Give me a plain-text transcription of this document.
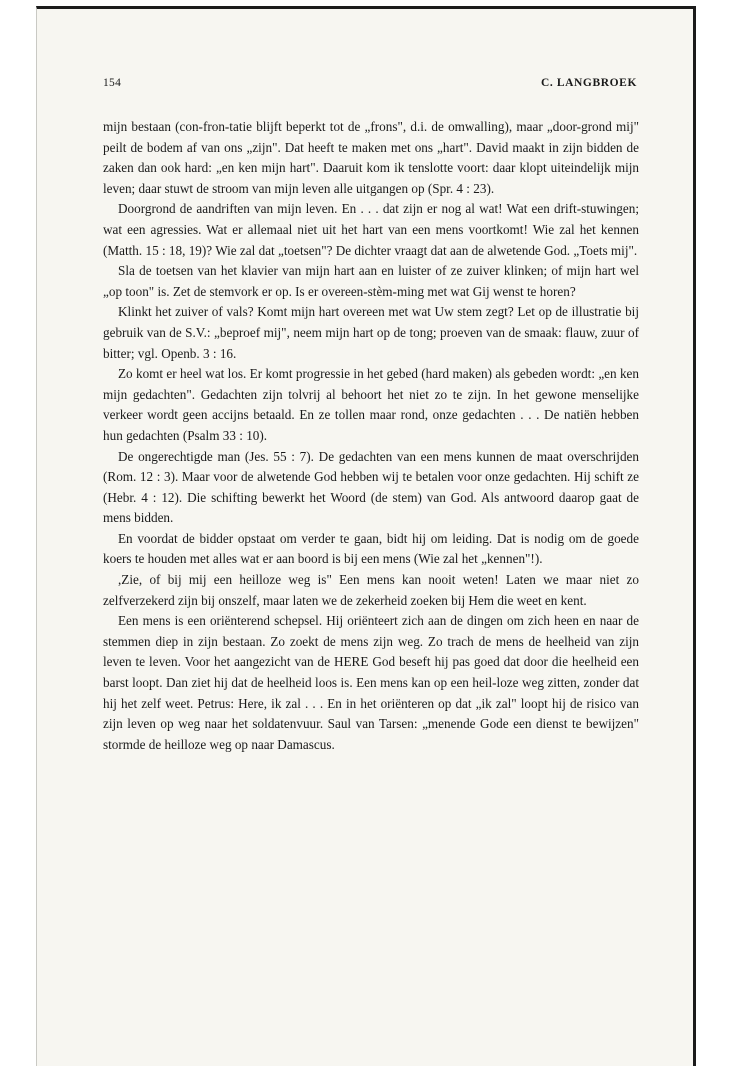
154	C. LANGBROEK

mijn bestaan (con-fron-tatie blijft beperkt tot de „frons", d.i. de omwalling), maar „door-grond mij" peilt de bodem af van ons „zijn". Dat heeft te maken met ons „hart". David maakt in zijn bidden de zaken dan ook hard: „en ken mijn hart". Daaruit kom ik tenslotte voort: daar klopt uiteindelijk mijn leven; daar stuwt de stroom van mijn leven alle uitgangen op (Spr. 4 : 23).

Doorgrond de aandriften van mijn leven. En . . . dat zijn er nog al wat! Wat een drift-stuwingen; wat een agressies. Wat er allemaal niet uit het hart van een mens voortkomt! Wie zal het kennen (Matth. 15 : 18, 19)? Wie zal dat „toetsen"? De dichter vraagt dat aan de alwetende God. „Toets mij".

Sla de toetsen van het klavier van mijn hart aan en luister of ze zuiver klinken; of mijn hart wel „op toon" is. Zet de stemvork er op. Is er overeen-stèm-ming met wat Gij wenst te horen?

Klinkt het zuiver of vals? Komt mijn hart overeen met wat Uw stem zegt? Let op de illustratie bij gebruik van de S.V.: „beproef mij", neem mijn hart op de tong; proeven van de smaak: flauw, zuur of bitter; vgl. Openb. 3 : 16.

Zo komt er heel wat los. Er komt progressie in het gebed (hard maken) als gebeden wordt: „en ken mijn gedachten". Gedachten zijn tolvrij al behoort het niet zo te zijn. In het gewone menselijke verkeer wordt geen accijns betaald. En ze tollen maar rond, onze gedachten . . . De natiën hebben hun gedachten (Psalm 33 : 10).

De ongerechtigde man (Jes. 55 : 7). De gedachten van een mens kunnen de maat overschrijden (Rom. 12 : 3). Maar voor de alwetende God hebben wij te betalen voor onze gedachten. Hij schift ze (Hebr. 4 : 12). Die schifting bewerkt het Woord (de stem) van God. Als antwoord daarop gaat de mens bidden.

En voordat de bidder opstaat om verder te gaan, bidt hij om leiding. Dat is nodig om de goede koers te houden met alles wat er aan boord is bij een mens (Wie zal het „kennen"!).

,Zie, of bij mij een heilloze weg is" Een mens kan nooit weten! Laten we maar niet zo zelfverzekerd zijn bij onszelf, maar laten we de zekerheid zoeken bij Hem die weet en kent.

Een mens is een oriënterend schepsel. Hij oriënteert zich aan de dingen om zich heen en naar de stemmen diep in zijn bestaan. Zo zoekt de mens zijn weg. Zo trach de mens de heelheid van zijn leven te leven. Voor het aangezicht van de HERE God beseft hij pas goed dat door die heelheid een barst loopt. Dan ziet hij dat de heelheid loos is. Een mens kan op een heil-loze weg zitten, zonder dat hij het zelf weet. Petrus: Here, ik zal . . . En in het oriënteren op dat „ik zal" loopt hij de risico van zijn leven op weg naar het soldatenvuur. Saul van Tarsen: „menende Gode een dienst te bewijzen" stormde de heilloze weg op naar Damascus.
